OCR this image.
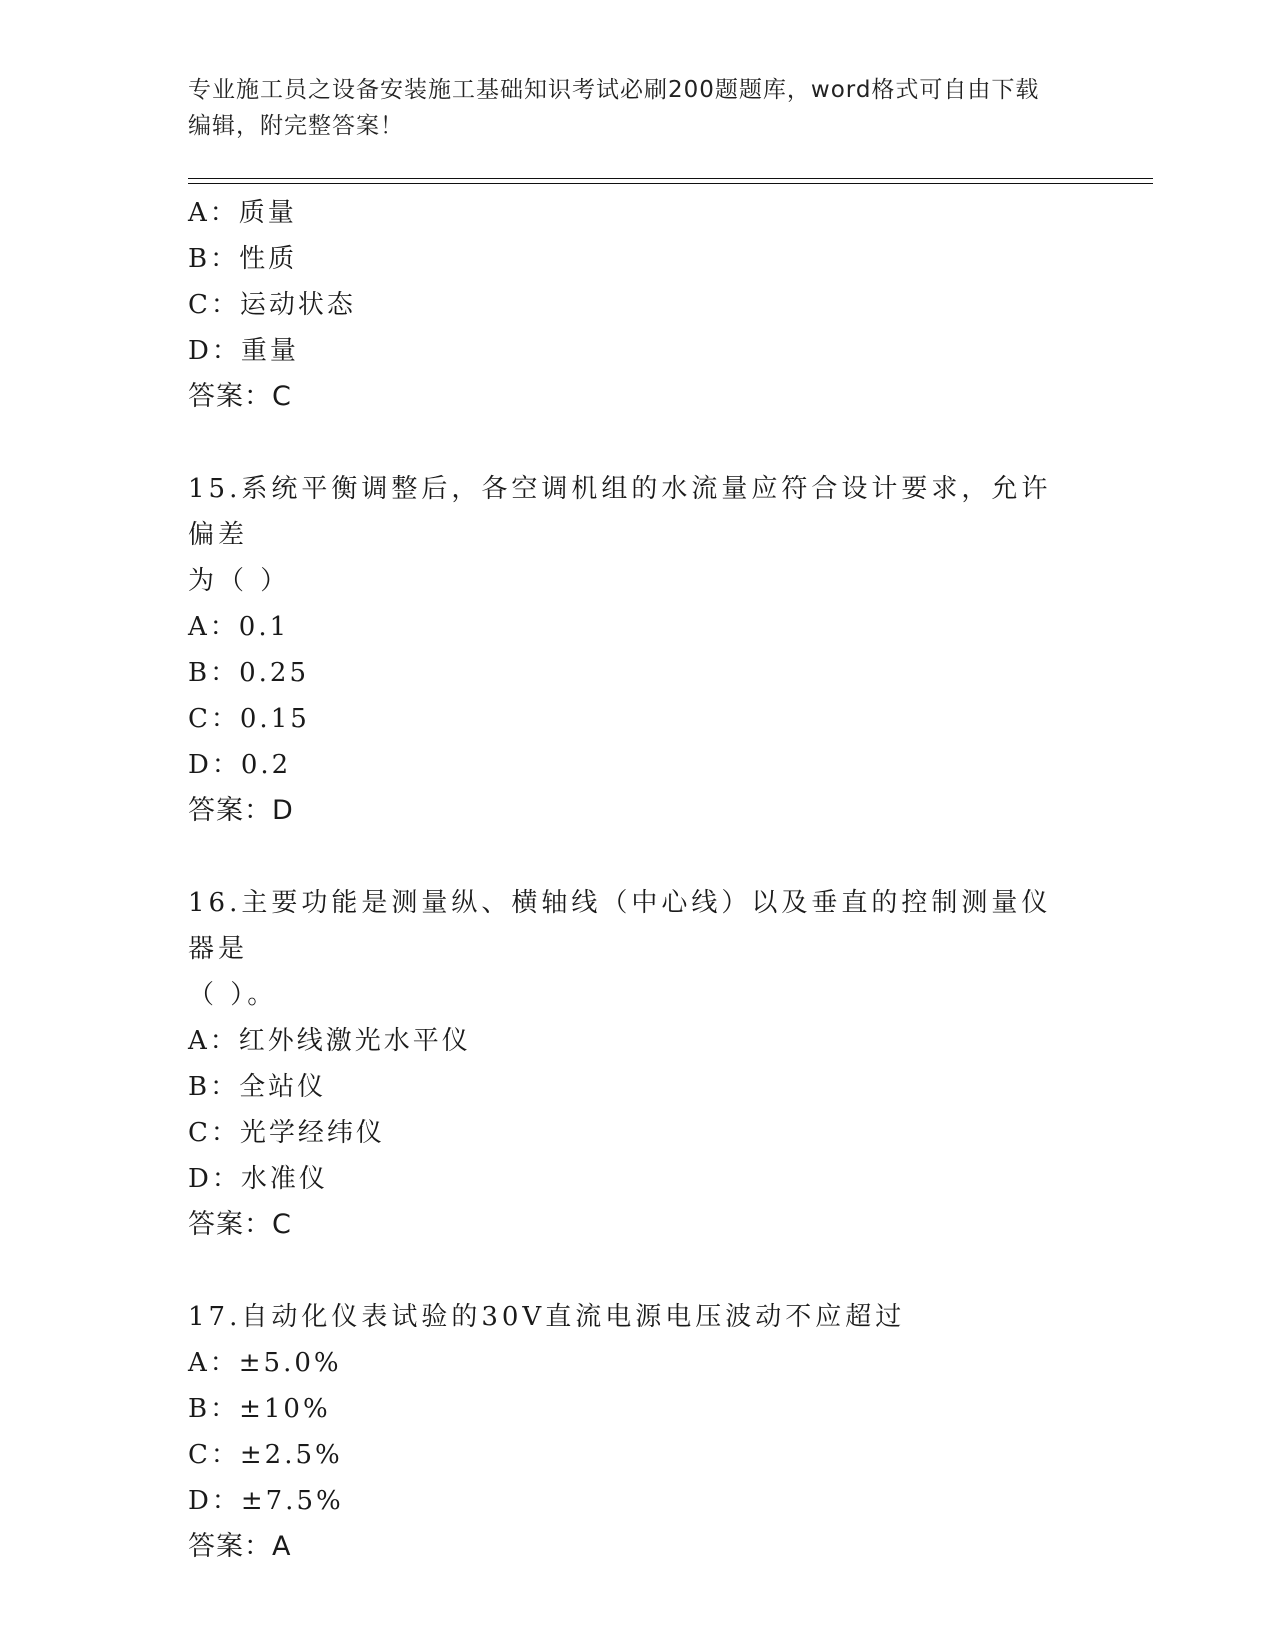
专业施工员之设备安装施工基础知识考试必刷200题题库，word格式可自由下载
编辑，附完整答案！
A：质量
B：性质
C：运动状态
D：重量
答案：C
15.系统平衡调整后，各空调机组的水流量应符合设计要求，允许偏差
为（ ）
A：0.1
B：0.25
C：0.15
D：0.2
答案：D
16.主要功能是测量纵、横轴线（中心线）以及垂直的控制测量仪器是
（ ）。
A：红外线激光水平仪
B：全站仪
C：光学经纬仪
D：水准仪
答案：C
17.自动化仪表试验的30V直流电源电压波动不应超过
A：±5.0%
B：±10%
C：±2.5%
D：±7.5%
答案：A
